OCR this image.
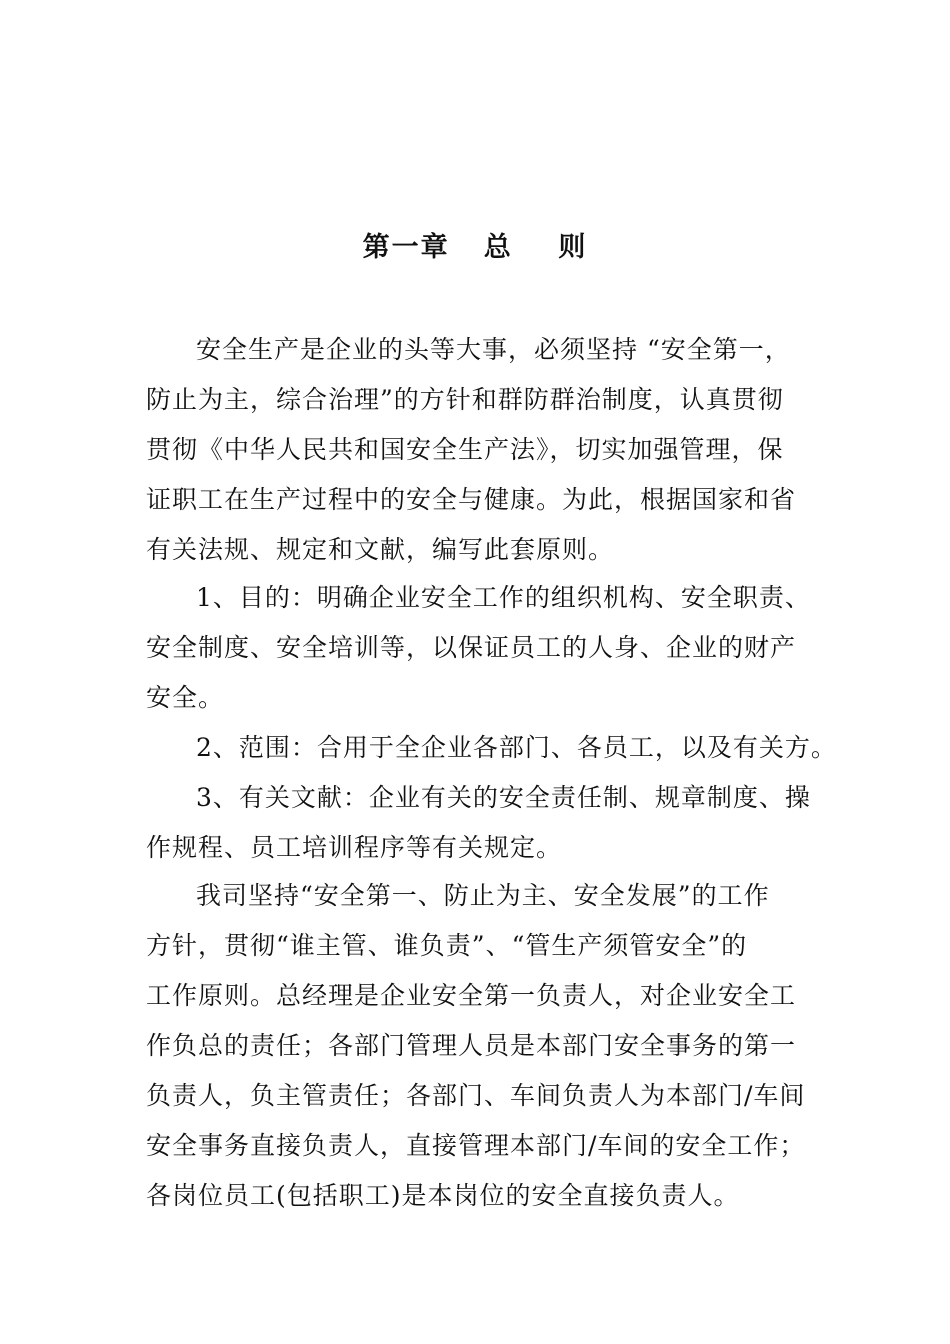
第一章   总    则
安全生产是企业的头等大事，必须坚持 “安全第一，
防止为主，综合治理”的方针和群防群治制度，认真贯彻
贯彻《中华人民共和国安全生产法》，切实加强管理，保
证职工在生产过程中的安全与健康。为此，根据国家和省
有关法规、规定和文献，编写此套原则。
1、目的：明确企业安全工作的组织机构、安全职责、
安全制度、安全培训等，以保证员工的人身、企业的财产
安全。
2、范围：合用于全企业各部门、各员工，以及有关方。
3、有关文献：企业有关的安全责任制、规章制度、操
作规程、员工培训程序等有关规定。
我司坚持“安全第一、防止为主、安全发展”的工作
方针，贯彻“谁主管、谁负责”、“管生产须管安全”的
工作原则。总经理是企业安全第一负责人，对企业安全工
作负总的责任；各部门管理人员是本部门安全事务的第一
负责人，负主管责任；各部门、车间负责人为本部门/车间
安全事务直接负责人，直接管理本部门/车间的安全工作；
各岗位员工(包括职工)是本岗位的安全直接负责人。
